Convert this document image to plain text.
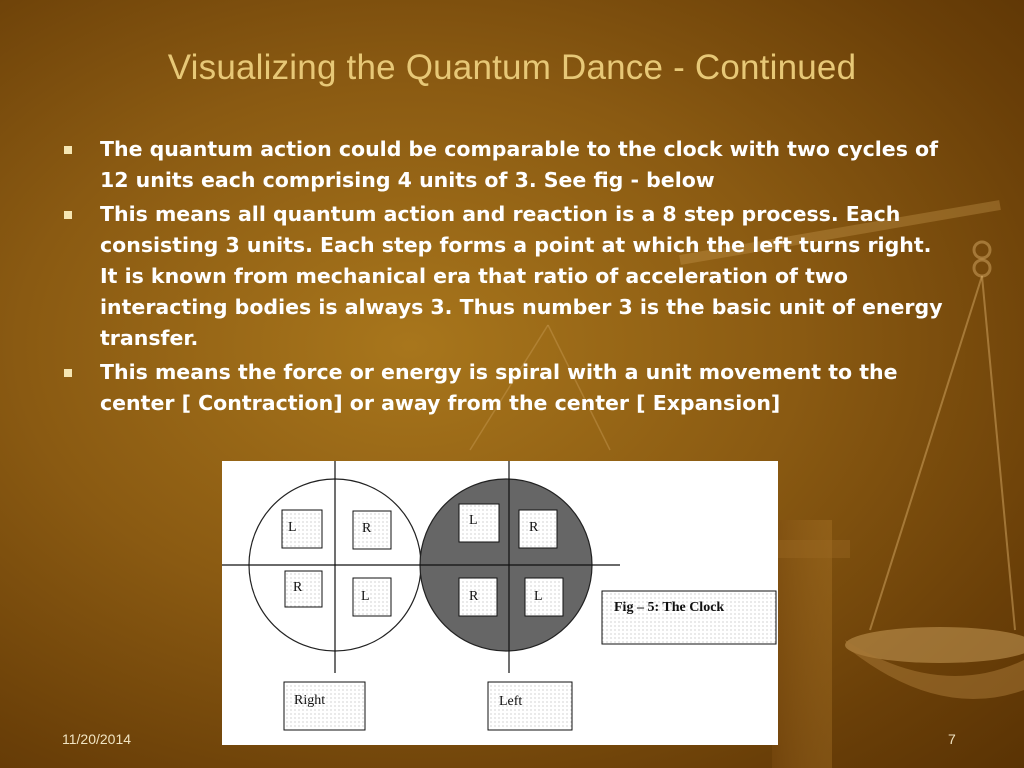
Visualizing the Quantum Dance - Continued
The quantum action could be comparable to the clock with two cycles of 12 units each comprising 4 units of 3. See fig - below
This means all quantum action and reaction is a 8 step process. Each consisting 3 units. Each step forms a point at which the left turns right. It is known from mechanical era that ratio of acceleration of two interacting bodies is always 3. Thus number 3 is the basic unit of energy transfer.
This means the force or energy is spiral with a unit movement to the center [ Contraction] or away from the center [ Expansion]
L	R
R
L
L	R
R	L
Fig – 5: The Clock
Right	Left
11/20/2014	7
